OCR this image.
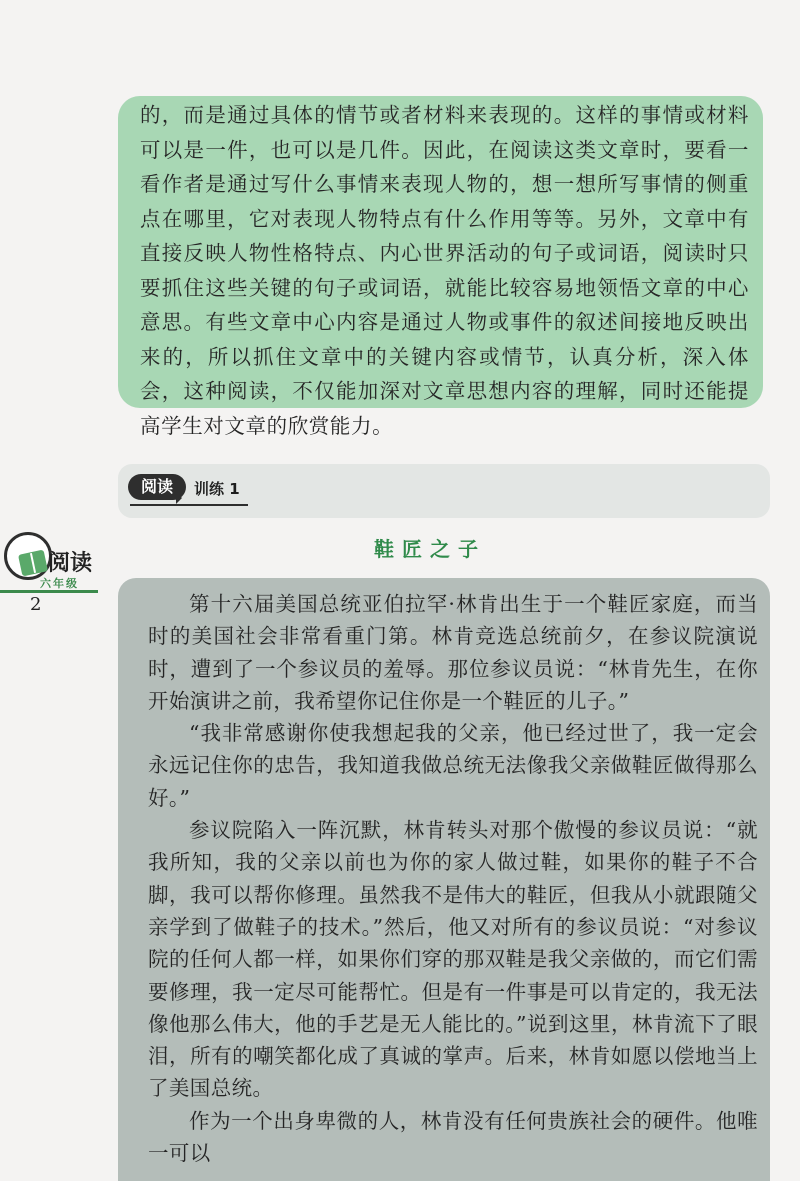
的，而是通过具体的情节或者材料来表现的。这样的事情或材料可以是一件，也可以是几件。因此，在阅读这类文章时，要看一看作者是通过写什么事情来表现人物的，想一想所写事情的侧重点在哪里，它对表现人物特点有什么作用等等。另外，文章中有直接反映人物性格特点、内心世界活动的句子或词语，阅读时只要抓住这些关键的句子或词语，就能比较容易地领悟文章的中心意思。有些文章中心内容是通过人物或事件的叙述间接地反映出来的，所以抓住文章中的关键内容或情节，认真分析，深入体会，这种阅读，不仅能加深对文章思想内容的理解，同时还能提高学生对文章的欣赏能力。

阅读	训练 1
阅读
六年级
2
鞋匠之子

第十六届美国总统亚伯拉罕·林肯出生于一个鞋匠家庭，而当时的美国社会非常看重门第。林肯竞选总统前夕，在参议院演说时，遭到了一个参议员的羞辱。那位参议员说：“林肯先生，在你开始演讲之前，我希望你记住你是一个鞋匠的儿子。”

“我非常感谢你使我想起我的父亲，他已经过世了，我一定会永远记住你的忠告，我知道我做总统无法像我父亲做鞋匠做得那么好。”

参议院陷入一阵沉默，林肯转头对那个傲慢的参议员说：“就我所知，我的父亲以前也为你的家人做过鞋，如果你的鞋子不合脚，我可以帮你修理。虽然我不是伟大的鞋匠，但我从小就跟随父亲学到了做鞋子的技术。”然后，他又对所有的参议员说：“对参议院的任何人都一样，如果你们穿的那双鞋是我父亲做的，而它们需要修理，我一定尽可能帮忙。但是有一件事是可以肯定的，我无法像他那么伟大，他的手艺是无人能比的。”说到这里，林肯流下了眼泪，所有的嘲笑都化成了真诚的掌声。后来，林肯如愿以偿地当上了美国总统。

作为一个出身卑微的人，林肯没有任何贵族社会的硬件。他唯一可以
